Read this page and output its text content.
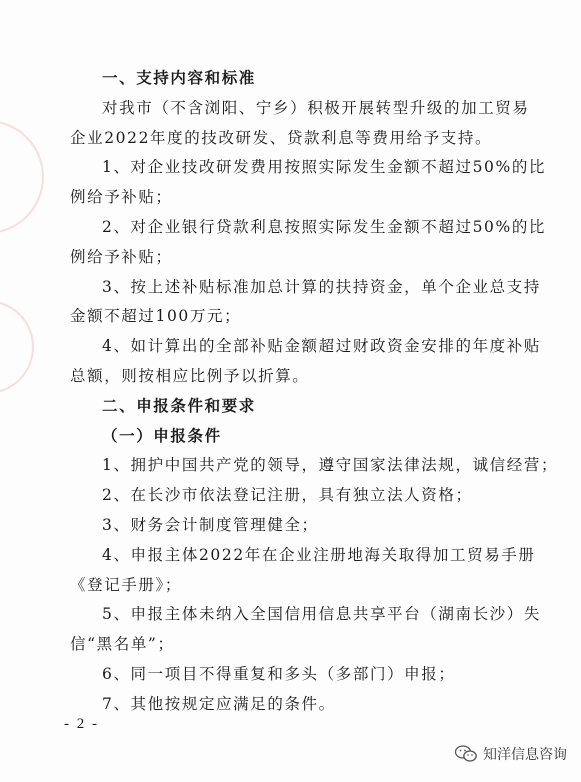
- 2 -
知洋信息咨询
一、支持内容和标准
对我市（不含浏阳、宁乡）积极开展转型升级的加工贸易
企业2022年度的技改研发、贷款利息等费用给予支持。
1、对企业技改研发费用按照实际发生金额不超过50%的比
例给予补贴；
2、对企业银行贷款利息按照实际发生金额不超过50%的比
例给予补贴；
3、按上述补贴标准加总计算的扶持资金，单个企业总支持
金额不超过100万元；
4、如计算出的全部补贴金额超过财政资金安排的年度补贴
总额，则按相应比例予以折算。
二、申报条件和要求
（一）申报条件
1、拥护中国共产党的领导，遵守国家法律法规，诚信经营；
2、在长沙市依法登记注册，具有独立法人资格；
3、财务会计制度管理健全；
4、申报主体2022年在企业注册地海关取得加工贸易手册
《登记手册》；
5、申报主体未纳入全国信用信息共享平台（湖南长沙）失
信“黑名单”；
6、同一项目不得重复和多头（多部门）申报；
7、其他按规定应满足的条件。
